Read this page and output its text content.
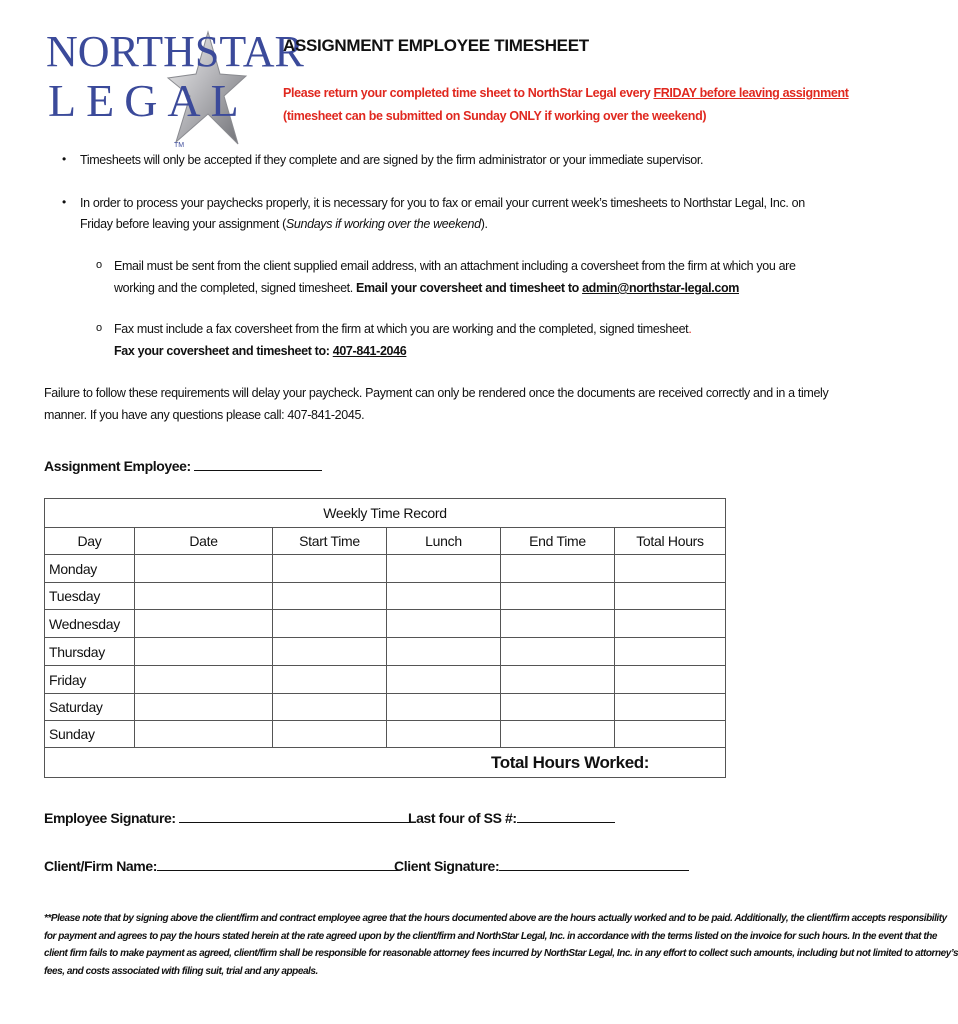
NORTHSTAR
LEGAL
TM
ASSIGNMENT EMPLOYEE TIMESHEET
Please return your completed time sheet to NorthStar Legal every FRIDAY before leaving assignment
(timesheet can be submitted on Sunday ONLY if working over the weekend)
• Timesheets will only be accepted if they complete and are signed by the firm administrator or your immediate supervisor.
• In order to process your paychecks properly, it is necessary for you to fax or email your current week’s timesheets to Northstar Legal, Inc. on
Friday before leaving your assignment (Sundays if working over the weekend).
o Email must be sent from the client supplied email address, with an attachment including a coversheet from the firm at which you are
working and the completed, signed timesheet. Email your coversheet and timesheet to admin@northstar-legal.com
o Fax must include a fax coversheet from the firm at which you are working and the completed, signed timesheet.
Fax your coversheet and timesheet to: 407-841-2046
Failure to follow these requirements will delay your paycheck. Payment can only be rendered once the documents are received correctly and in a timely
manner. If you have any questions please call: 407-841-2045.
Assignment Employee:
Weekly Time Record
Day	Date	Start Time	Lunch	End Time	Total Hours
Monday
Tuesday
Wednesday
Thursday
Friday
Saturday
Sunday
Total Hours Worked:
Employee Signature:	Last four of SS #:
Client/Firm Name:	Client Signature:
**Please note that by signing above the client/firm and contract employee agree that the hours documented above are the hours actually worked and to be paid. Additionally, the client/firm accepts responsibility
for payment and agrees to pay the hours stated herein at the rate agreed upon by the client/firm and NorthStar Legal, Inc. in accordance with the terms listed on the invoice for such hours. In the event that the
client firm fails to make payment as agreed, client/firm shall be responsible for reasonable attorney fees incurred by NorthStar Legal, Inc. in any effort to collect such amounts, including but not limited to attorney’s
fees, and costs associated with filing suit, trial and any appeals.
